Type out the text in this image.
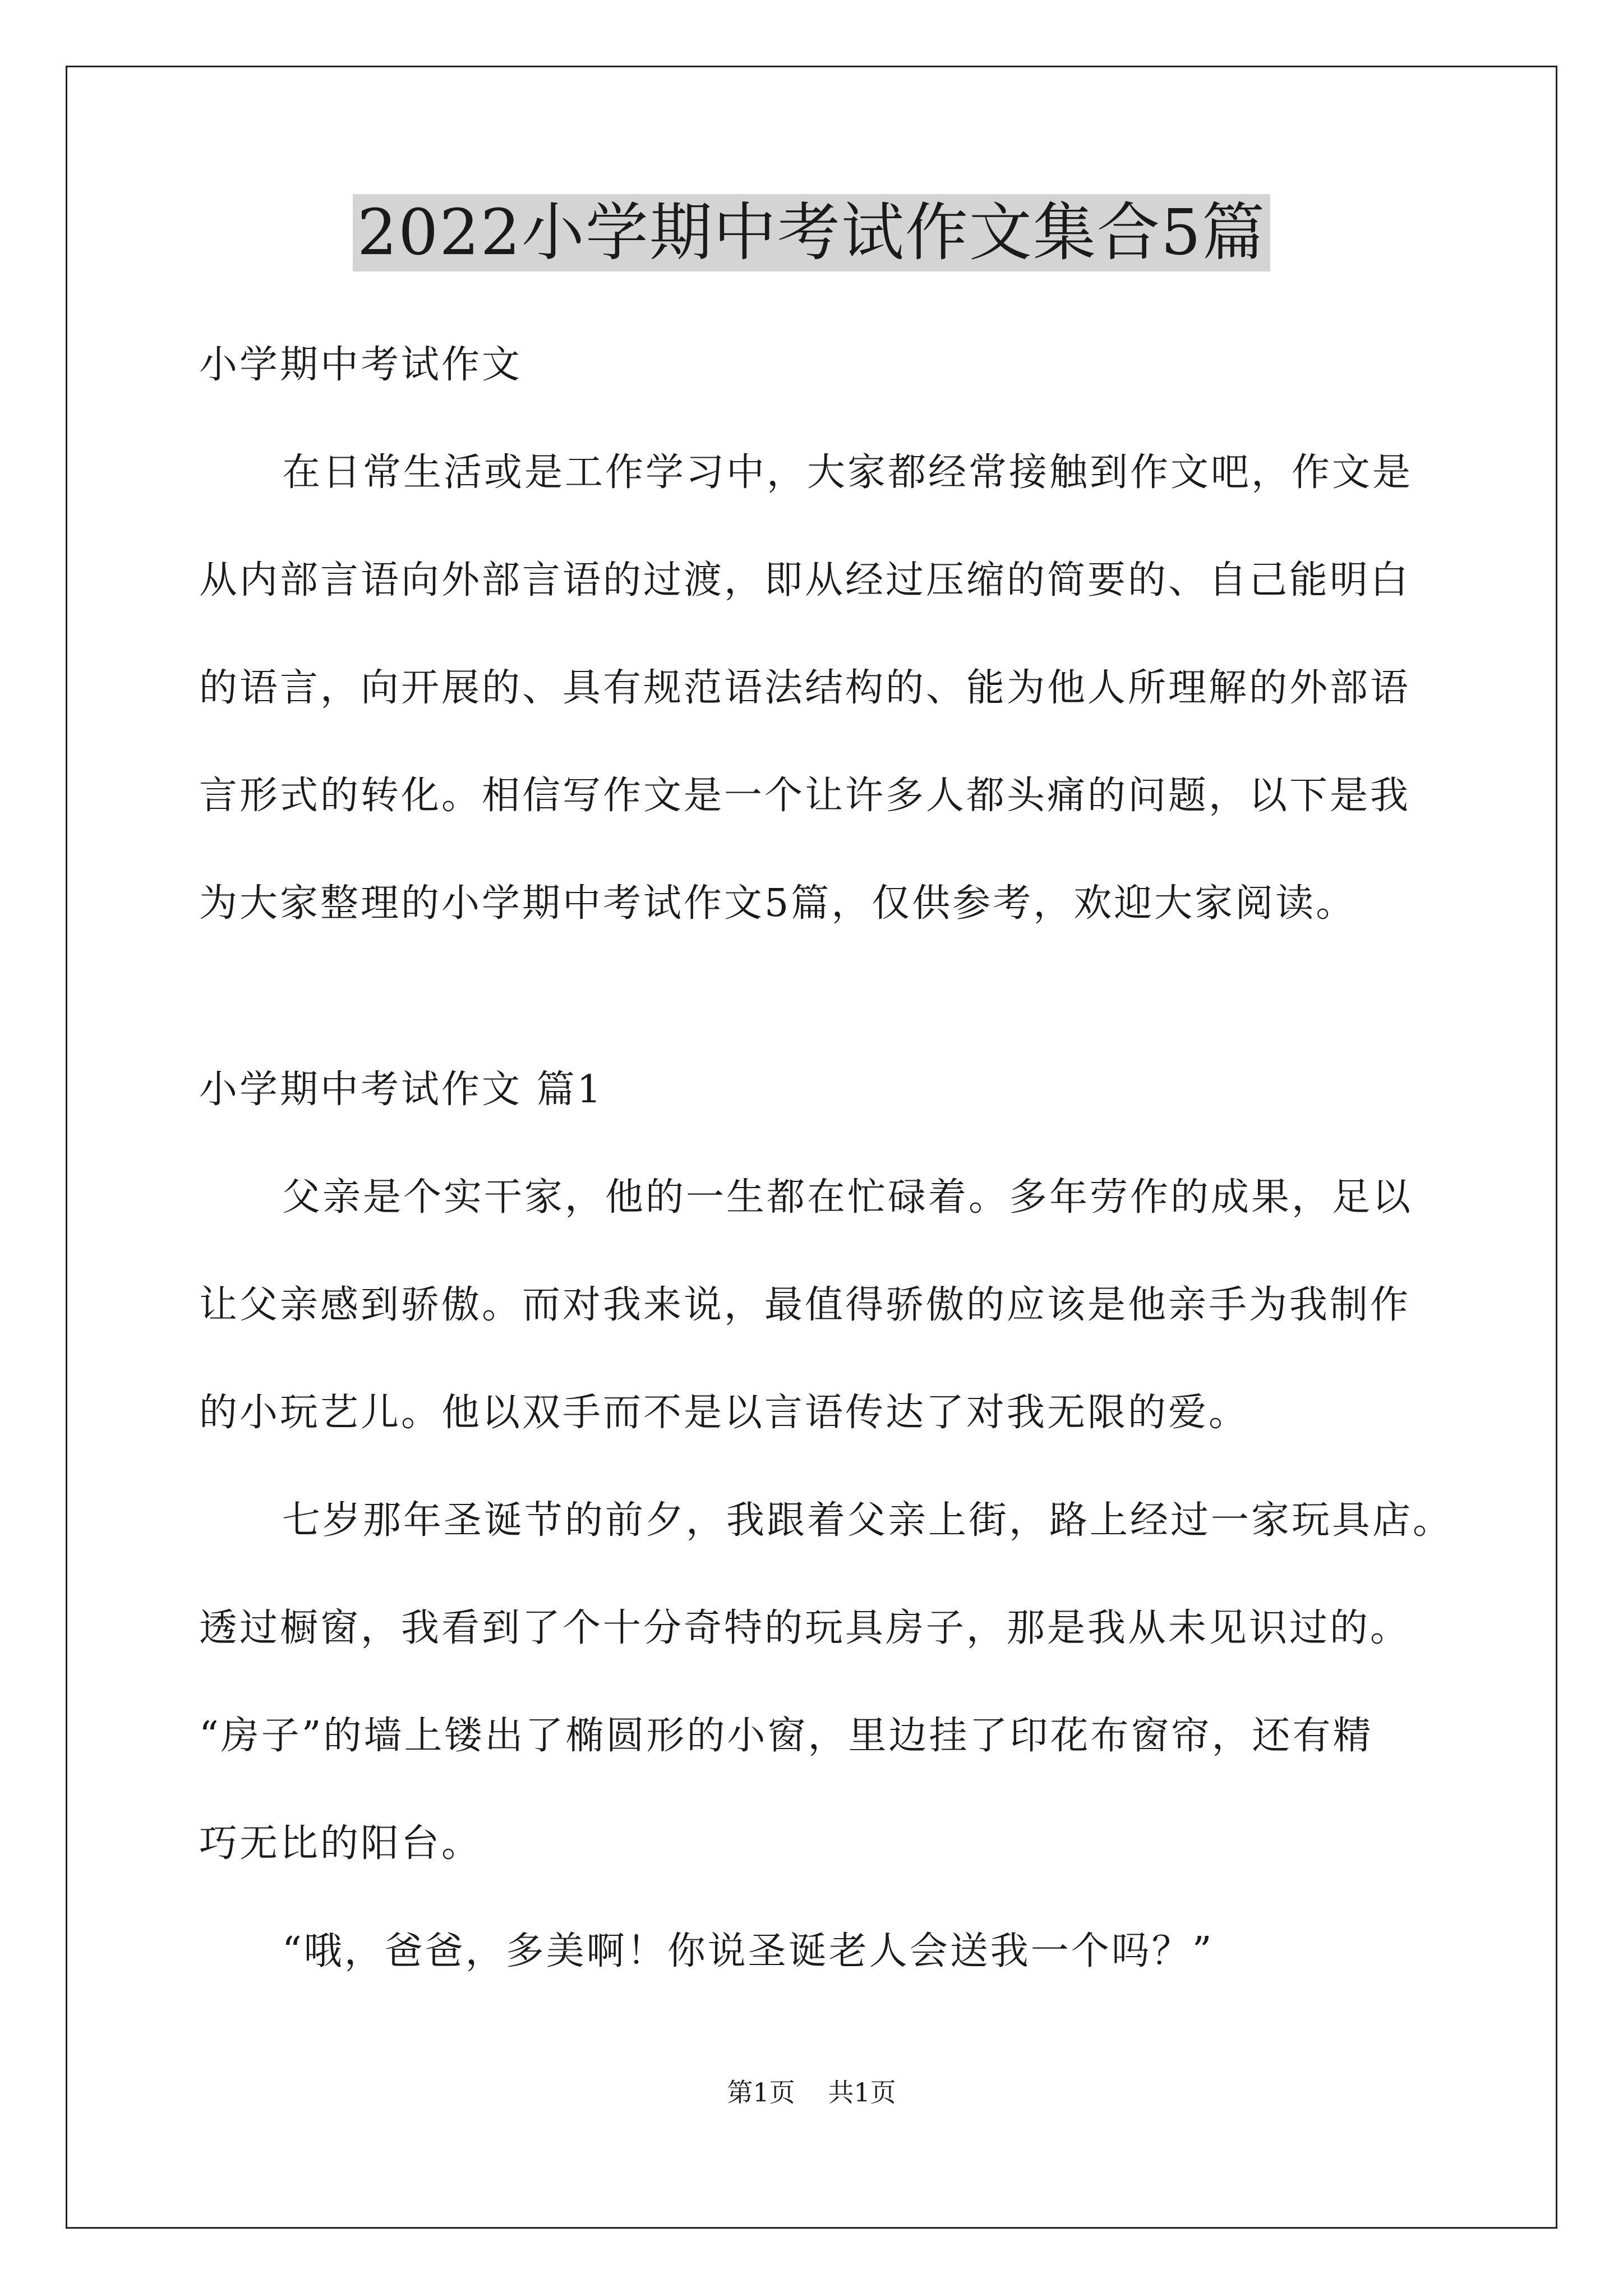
2022小学期中考试作文集合5篇
小学期中考试作文

在日常生活或是工作学习中，大家都经常接触到作文吧，作文是

从内部言语向外部言语的过渡，即从经过压缩的简要的、自己能明白

的语言，向开展的、具有规范语法结构的、能为他人所理解的外部语

言形式的转化。相信写作文是一个让许多人都头痛的问题，以下是我

为大家整理的小学期中考试作文5篇，仅供参考，欢迎大家阅读。

小学期中考试作文 篇1

父亲是个实干家，他的一生都在忙碌着。多年劳作的成果，足以

让父亲感到骄傲。而对我来说，最值得骄傲的应该是他亲手为我制作

的小玩艺儿。他以双手而不是以言语传达了对我无限的爱。

七岁那年圣诞节的前夕，我跟着父亲上街，路上经过一家玩具店。

透过橱窗，我看到了个十分奇特的玩具房子，那是我从未见识过的。

“房子”的墙上镂出了椭圆形的小窗，里边挂了印花布窗帘，还有精

巧无比的阳台。

“哦，爸爸，多美啊！你说圣诞老人会送我一个吗？”

第1页 共1页
